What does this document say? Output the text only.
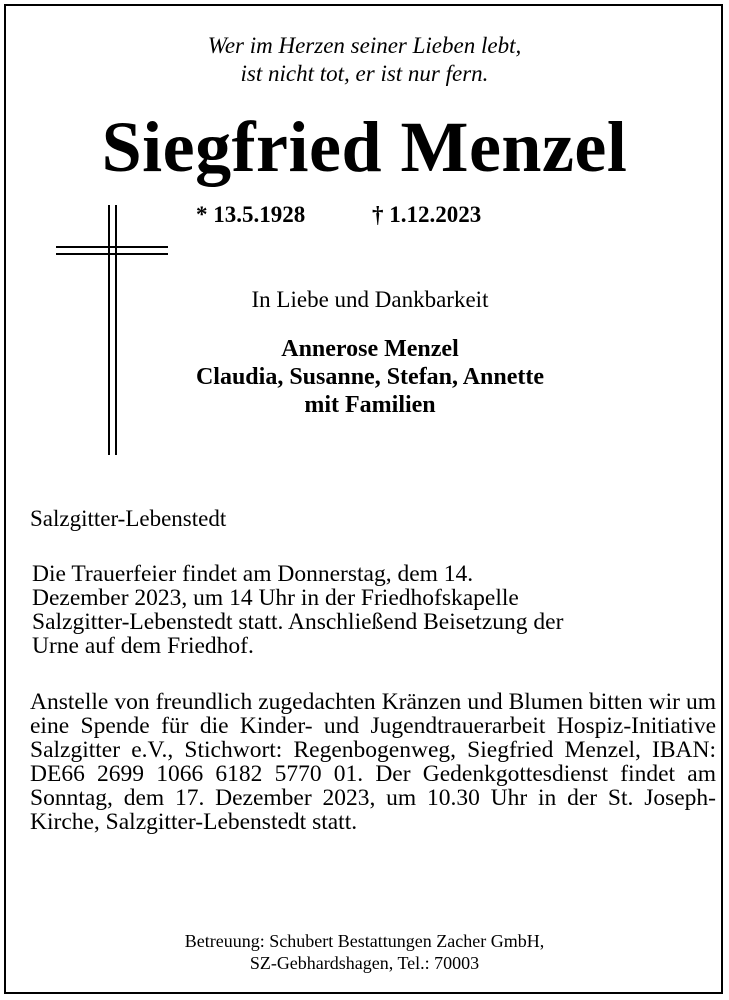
Wer im Herzen seiner Lieben lebt,
ist nicht tot, er ist nur fern.
Siegfried Menzel
* 13.5.1928	† 1.12.2023
In Liebe und Dankbarkeit
Annerose Menzel
Claudia, Susanne, Stefan, Annette
mit Familien
Salzgitter-Lebenstedt
Die Trauerfeier findet am Donnerstag, dem 14.
Dezember 2023, um 14 Uhr in der Friedhofskapelle
Salzgitter-Lebenstedt statt. Anschließend Beisetzung der
Urne auf dem Friedhof.
Anstelle von freundlich zugedachten Kränzen und Blumen bitten wir um eine Spende für die Kinder- und Jugendtrauerarbeit Hospiz-Initiative Salzgitter e.V., Stichwort: Regenbogenweg, Siegfried Menzel, IBAN: DE66 2699 1066 6182 5770 01. Der Gedenkgottesdienst findet am Sonntag, dem 17. Dezember 2023, um 10.30 Uhr in der St. Joseph-Kirche, Salzgitter-Lebenstedt statt.
Betreuung: Schubert Bestattungen Zacher GmbH,
SZ-Gebhardshagen, Tel.: 70003
